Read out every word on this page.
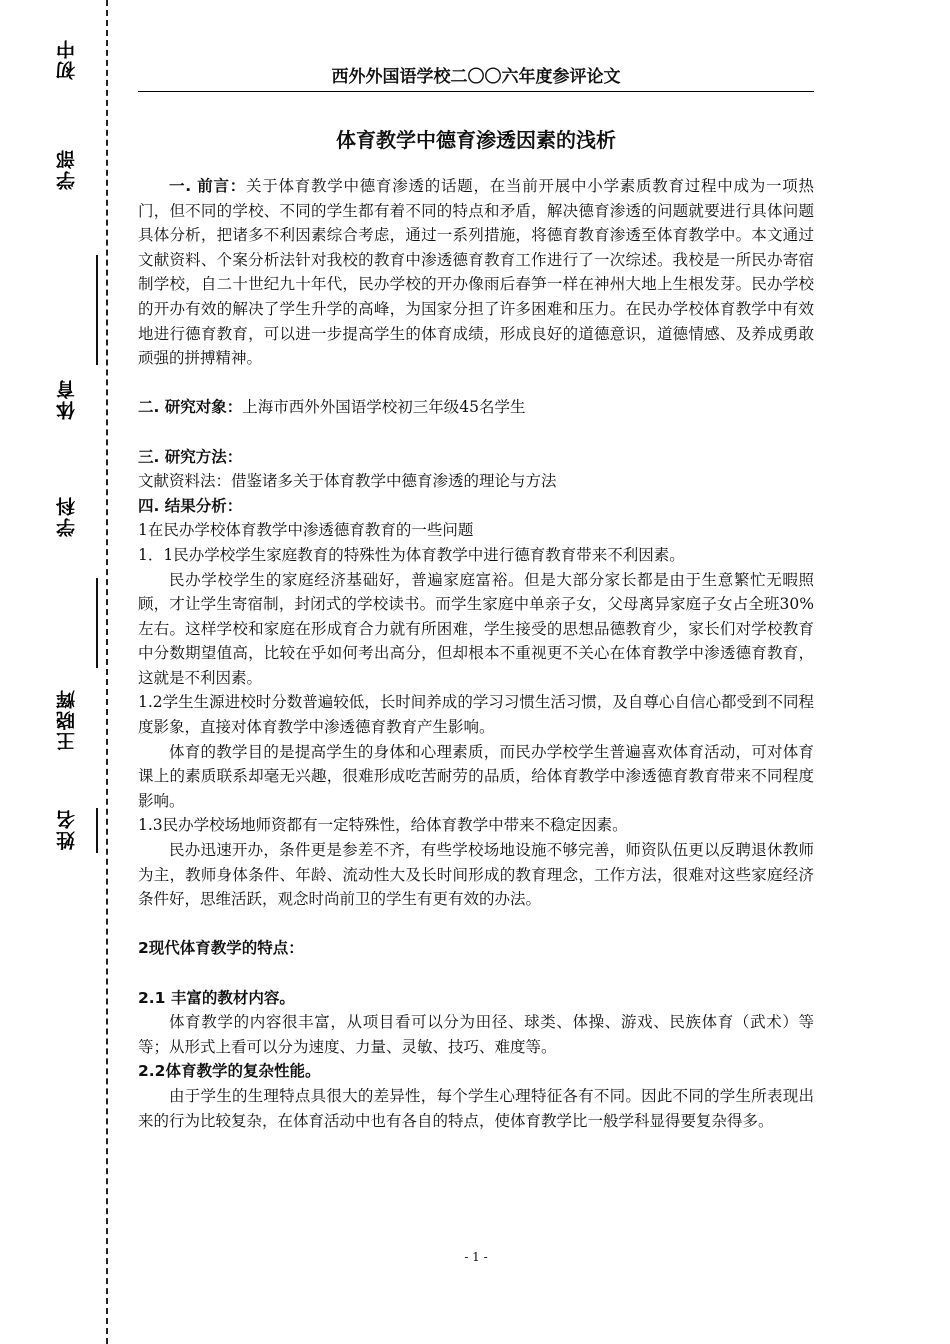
初中
学部
体育
学科
王晓辉
姓名
西外外国语学校二〇〇六年度参评论文
体育教学中德育渗透因素的浅析

一. 前言：关于体育教学中德育渗透的话题，在当前开展中小学素质教育过程中成为一项热门，但不同的学校、不同的学生都有着不同的特点和矛盾，解决德育渗透的问题就要进行具体问题具体分析，把诸多不利因素综合考虑，通过一系列措施，将德育教育渗透至体育教学中。本文通过文献资料、个案分析法针对我校的教育中渗透德育教育工作进行了一次综述。我校是一所民办寄宿制学校，自二十世纪九十年代，民办学校的开办像雨后春笋一样在神州大地上生根发芽。民办学校的开办有效的解决了学生升学的高峰，为国家分担了许多困难和压力。在民办学校体育教学中有效地进行德育教育，可以进一步提高学生的体育成绩，形成良好的道德意识，道德情感、及养成勇敢顽强的拼搏精神。

二. 研究对象：上海市西外外国语学校初三年级45名学生

三. 研究方法：

文献资料法：借鉴诸多关于体育教学中德育渗透的理论与方法

四. 结果分析：

1在民办学校体育教学中渗透德育教育的一些问题

1．1民办学校学生家庭教育的特殊性为体育教学中进行德育教育带来不利因素。

民办学校学生的家庭经济基础好，普遍家庭富裕。但是大部分家长都是由于生意繁忙无暇照顾，才让学生寄宿制，封闭式的学校读书。而学生家庭中单亲子女，父母离异家庭子女占全班30%左右。这样学校和家庭在形成育合力就有所困难，学生接受的思想品德教育少，家长们对学校教育中分数期望值高，比较在乎如何考出高分，但却根本不重视更不关心在体育教学中渗透德育教育，这就是不利因素。

1.2学生生源进校时分数普遍较低，长时间养成的学习习惯生活习惯，及自尊心自信心都受到不同程度影象，直接对体育教学中渗透德育教育产生影响。

体育的教学目的是提高学生的身体和心理素质，而民办学校学生普遍喜欢体育活动，可对体育课上的素质联系却毫无兴趣，很难形成吃苦耐劳的品质，给体育教学中渗透德育教育带来不同程度影响。

1.3民办学校场地师资都有一定特殊性，给体育教学中带来不稳定因素。

民办迅速开办，条件更是参差不齐，有些学校场地设施不够完善，师资队伍更以反聘退休教师为主，教师身体条件、年龄、流动性大及长时间形成的教育理念，工作方法，很难对这些家庭经济条件好，思维活跃，观念时尚前卫的学生有更有效的办法。

2现代体育教学的特点：

2.1 丰富的教材内容。

体育教学的内容很丰富，从项目看可以分为田径、球类、体操、游戏、民族体育（武术）等等；从形式上看可以分为速度、力量、灵敏、技巧、难度等。

2.2体育教学的复杂性能。

由于学生的生理特点具很大的差异性，每个学生心理特征各有不同。因此不同的学生所表现出来的行为比较复杂，在体育活动中也有各自的特点，使体育教学比一般学科显得要复杂得多。

- 1 -
